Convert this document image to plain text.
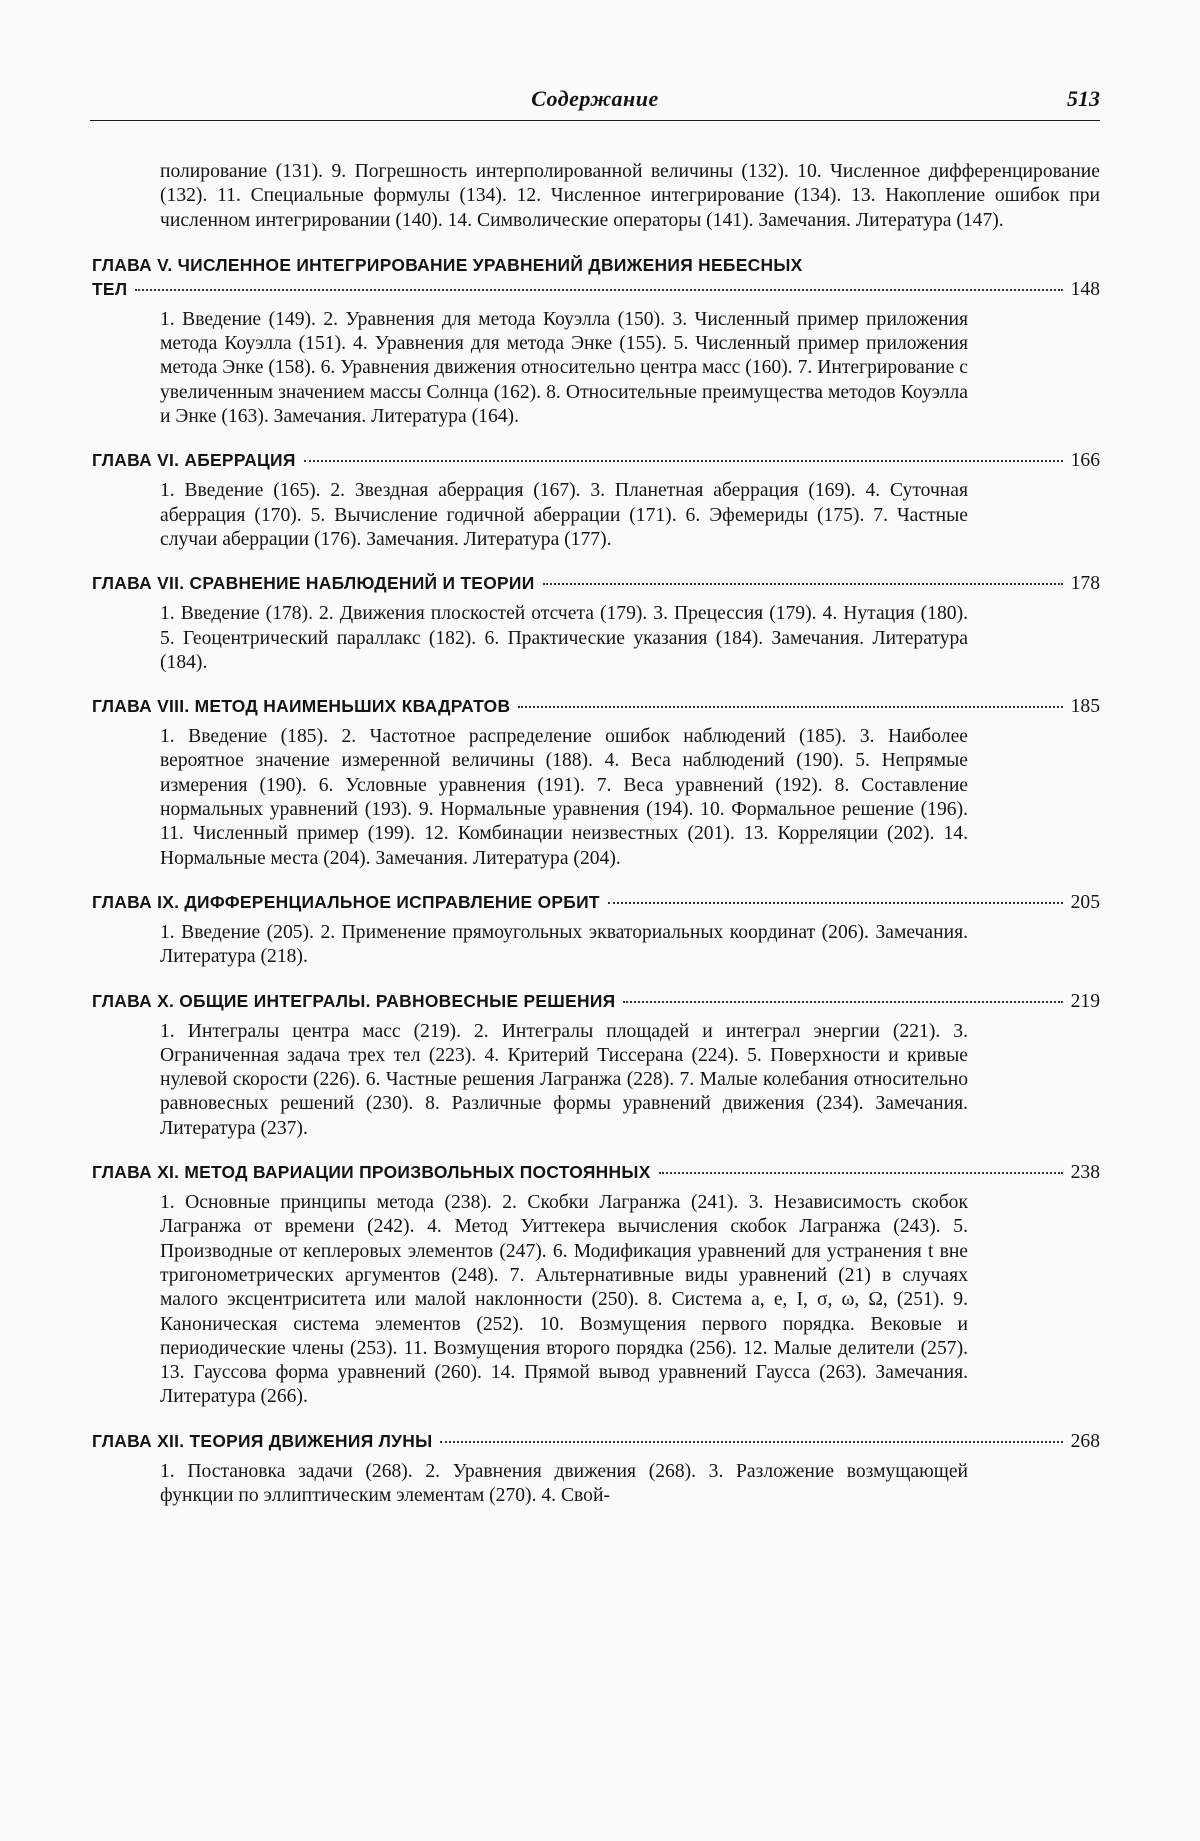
Содержание	513
полирование (131). 9. Погрешность интерполированной величины (132). 10. Численное дифференцирование (132). 11. Специальные формулы (134). 12. Численное интегрирование (134). 13. Накопление ошибок при численном интегрировании (140). 14. Символические операторы (141). Замечания. Литература (147).
ГЛАВА V. ЧИСЛЕННОЕ ИНТЕГРИРОВАНИЕ УРАВНЕНИЙ ДВИЖЕНИЯ НЕБЕСНЫХ
ТЕЛ	148
1. Введение (149). 2. Уравнения для метода Коуэлла (150). 3. Численный пример приложения метода Коуэлла (151). 4. Уравнения для метода Энке (155). 5. Численный пример приложения метода Энке (158). 6. Уравнения движения относительно центра масс (160). 7. Интегрирование с увеличенным значением массы Солнца (162). 8. Относительные преимущества методов Коуэлла и Энке (163). Замечания. Литература (164).
ГЛАВА VI. АБЕРРАЦИЯ	166
1. Введение (165). 2. Звездная аберрация (167). 3. Планетная аберрация (169). 4. Суточная аберрация (170). 5. Вычисление годичной аберрации (171). 6. Эфемериды (175). 7. Частные случаи аберрации (176). Замечания. Литература (177).
ГЛАВА VII. СРАВНЕНИЕ НАБЛЮДЕНИЙ И ТЕОРИИ	178
1. Введение (178). 2. Движения плоскостей отсчета (179). 3. Прецессия (179). 4. Нутация (180). 5. Геоцентрический параллакс (182). 6. Практические указания (184). Замечания. Литература (184).
ГЛАВА VIII. МЕТОД НАИМЕНЬШИХ КВАДРАТОВ	185
1. Введение (185). 2. Частотное распределение ошибок наблюдений (185). 3. Наиболее вероятное значение измеренной величины (188). 4. Веса наблюдений (190). 5. Непрямые измерения (190). 6. Условные уравнения (191). 7. Веса уравнений (192). 8. Составление нормальных уравнений (193). 9. Нормальные уравнения (194). 10. Формальное решение (196). 11. Численный пример (199). 12. Комбинации неизвестных (201). 13. Корреляции (202). 14. Нормальные места (204). Замечания. Литература (204).
ГЛАВА IX. ДИФФЕРЕНЦИАЛЬНОЕ ИСПРАВЛЕНИЕ ОРБИТ	205
1. Введение (205). 2. Применение прямоугольных экваториальных координат (206). Замечания. Литература (218).
ГЛАВА X. ОБЩИЕ ИНТЕГРАЛЫ. РАВНОВЕСНЫЕ РЕШЕНИЯ	219
1. Интегралы центра масс (219). 2. Интегралы площадей и интеграл энергии (221). 3. Ограниченная задача трех тел (223). 4. Критерий Тиссерана (224). 5. Поверхности и кривые нулевой скорости (226). 6. Частные решения Лагранжа (228). 7. Малые колебания относительно равновесных решений (230). 8. Различные формы уравнений движения (234). Замечания. Литература (237).
ГЛАВА XI. МЕТОД ВАРИАЦИИ ПРОИЗВОЛЬНЫХ ПОСТОЯННЫХ	238
1. Основные принципы метода (238). 2. Скобки Лагранжа (241). 3. Независимость скобок Лагранжа от времени (242). 4. Метод Уиттекера вычисления скобок Лагранжа (243). 5. Производные от кеплеровых элементов (247). 6. Модификация уравнений для устранения t вне тригонометрических аргументов (248). 7. Альтернативные виды уравнений (21) в случаях малого эксцентриситета или малой наклонности (250). 8. Система a, e, I, σ, ω, Ω, (251). 9. Каноническая система элементов (252). 10. Возмущения первого порядка. Вековые и периодические члены (253). 11. Возмущения второго порядка (256). 12. Малые делители (257). 13. Гауссова форма уравнений (260). 14. Прямой вывод уравнений Гаусса (263). Замечания. Литература (266).
ГЛАВА XII. ТЕОРИЯ ДВИЖЕНИЯ ЛУНЫ	268
1. Постановка задачи (268). 2. Уравнения движения (268). 3. Разложение возмущающей функции по эллиптическим элементам (270). 4. Свой-
